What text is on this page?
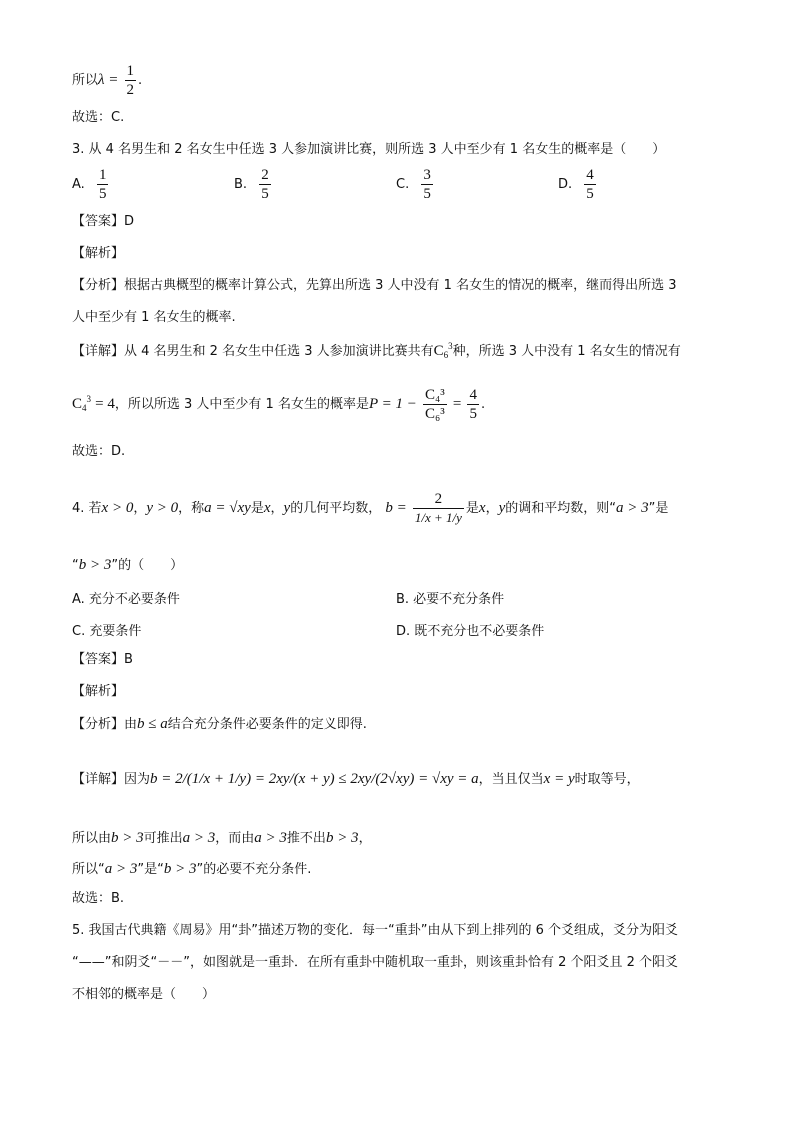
所以$\lambda = \frac{1}{2}$ .
故选：C.
3. 从 4 名男生和 2 名女生中任选 3 人参加演讲比赛，则所选 3 人中至少有 1 名女生的概率是（　　）
A. $\frac{1}{5}$	B. $\frac{2}{5}$	C. $\frac{3}{5}$	D. $\frac{4}{5}$
【答案】D
【解析】
【分析】根据古典概型的概率计算公式，先算出所选 3 人中没有 1 名女生的情况的概率，继而得出所选 3
人中至少有 1 名女生的概率.
【详解】从 4 名男生和 2 名女生中任选 3 人参加演讲比赛共有$C_6^3$种，所选 3 人中没有 1 名女生的情况有
$C_4^3 = 4$，所以所选 3 人中至少有 1 名女生的概率是$P = 1 - \frac{\text{C₄³}}{\text{C₆³}} = \frac{4}{5}$ .
故选：D.
4. 若x > 0，y > 0，称a = √xy是x，y的几何平均数， $b = \frac{2}{1/x + 1/y}$ 是x，y的调和平均数，则“a > 3”是
“b > 3”的（　　）
A. 充分不必要条件	B. 必要不充分条件
C. 充要条件	D. 既不充分也不必要条件
【答案】B
【解析】
【分析】由b ≤ a结合充分条件必要条件的定义即得.
【详解】因为b = 2/(1/x + 1/y) = 2xy/(x + y) ≤ 2xy/(2√xy) = √xy = a，当且仅当x = y时取等号，
所以由b > 3可推出a > 3，而由a > 3推不出b > 3，
所以“a > 3”是“b > 3”的必要不充分条件.
故选：B.
5. 我国古代典籍《周易》用“卦”描述万物的变化．每一“重卦”由从下到上排列的 6 个爻组成，爻分为阳爻
“——”和阴爻“－－”，如图就是一重卦．在所有重卦中随机取一重卦，则该重卦恰有 2 个阳爻且 2 个阳爻
不相邻的概率是（　　）
